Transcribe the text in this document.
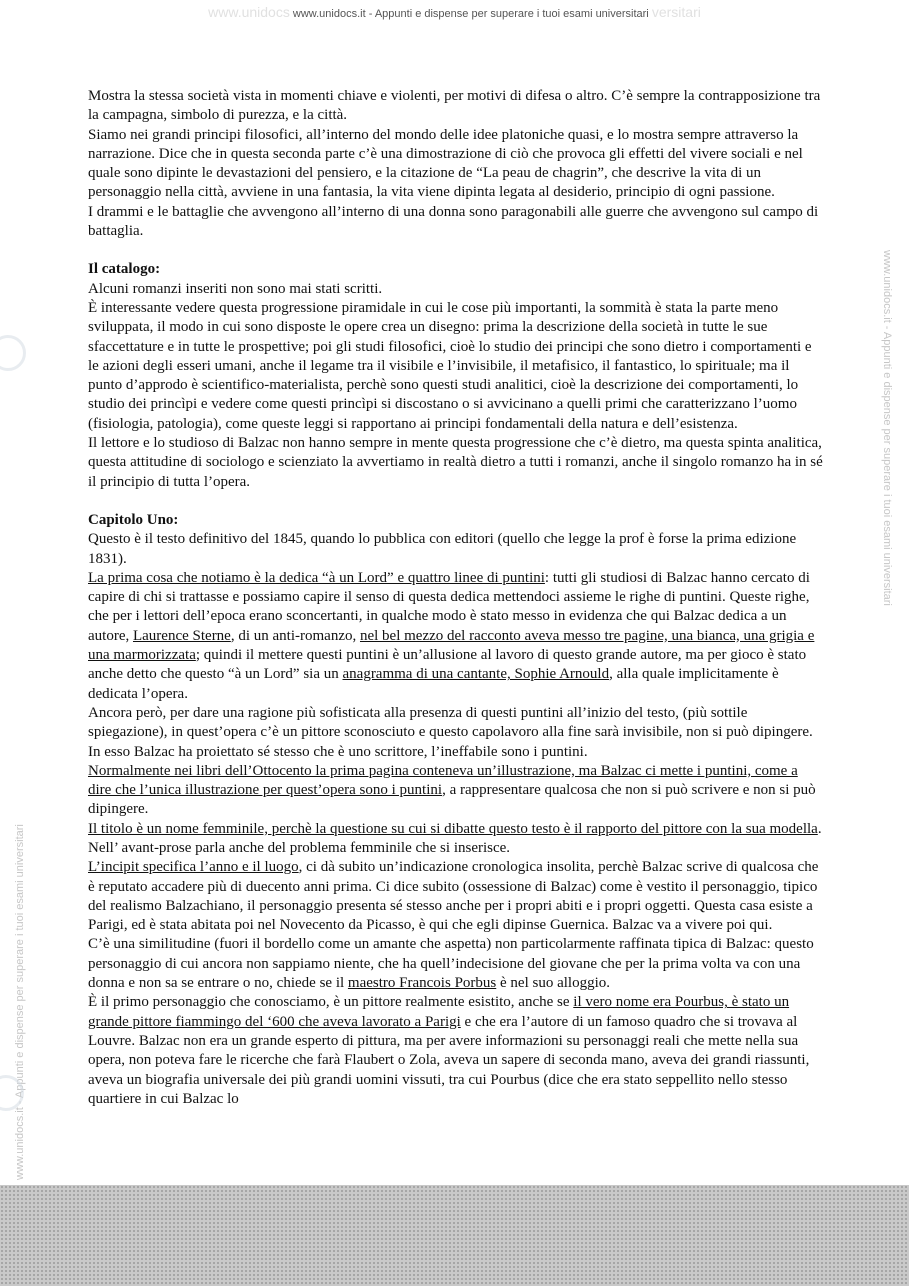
www.unidocs www.unidocs.it - Appunti e dispense per superare i tuoi esami universitari versitari
www.unidocs.it - Appunti e dispense per superare i tuoi esami universitari
www.unidocs.it - Appunti e dispense per superare i tuoi esami universitari

Mostra la stessa società vista in momenti chiave e violenti, per motivi di difesa o altro. C’è sempre la contrapposizione tra la campagna, simbolo di purezza, e la città.

Siamo nei grandi principi filosofici, all’interno del mondo delle idee platoniche quasi, e lo mostra sempre attraverso la narrazione. Dice che in questa seconda parte c’è una dimostrazione di ciò che provoca gli effetti del vivere sociali e nel quale sono dipinte le devastazioni del pensiero, e la citazione de “La peau de chagrin”, che descrive la vita di un personaggio nella città, avviene in una fantasia, la vita viene dipinta legata al desiderio, principio di ogni passione.

I drammi e le battaglie che avvengono all’interno di una donna sono paragonabili alle guerre che avvengono sul campo di battaglia.

Il catalogo:

Alcuni romanzi inseriti non sono mai stati scritti.

È interessante vedere questa progressione piramidale in cui le cose più importanti, la sommità è stata la parte meno sviluppata, il modo in cui sono disposte le opere crea un disegno: prima la descrizione della società in tutte le sue sfaccettature e in tutte le prospettive; poi gli studi filosofici, cioè lo studio dei principi che sono dietro i comportamenti e le azioni degli esseri umani, anche il legame tra il visibile e l’invisibile, il metafisico, il fantastico, lo spirituale; ma il punto d’approdo è scientifico-materialista, perchè sono questi studi analitici, cioè la descrizione dei comportamenti, lo studio dei princìpi e vedere come questi princìpi si discostano o si avvicinano a quelli primi che caratterizzano l’uomo (fisiologia, patologia), come queste leggi si rapportano ai principi fondamentali della natura e dell’esistenza.

Il lettore e lo studioso di Balzac non hanno sempre in mente questa progressione che c’è dietro, ma questa spinta analitica, questa attitudine di sociologo e scienziato la avvertiamo in realtà dietro a tutti i romanzi, anche il singolo romanzo ha in sé il principio di tutta l’opera.

Capitolo Uno:

Questo è il testo definitivo del 1845, quando lo pubblica con editori (quello che legge la prof è forse la prima edizione 1831).

La prima cosa che notiamo è la dedica “à un Lord” e quattro linee di puntini: tutti gli studiosi di Balzac hanno cercato di capire di chi si trattasse e possiamo capire il senso di questa dedica mettendoci assieme le righe di puntini. Queste righe, che per i lettori dell’epoca erano sconcertanti, in qualche modo è stato messo in evidenza che qui Balzac dedica a un autore, Laurence Sterne, di un anti-romanzo, nel bel mezzo del racconto aveva messo tre pagine, una bianca, una grigia e una marmorizzata; quindi il mettere questi puntini è un’allusione al lavoro di questo grande autore, ma per gioco è stato anche detto che questo “à un Lord” sia un anagramma di una cantante, Sophie Arnould, alla quale implicitamente è dedicata l’opera.

Ancora però, per dare una ragione più sofisticata alla presenza di questi puntini all’inizio del testo, (più sottile spiegazione), in quest’opera c’è un pittore sconosciuto e questo capolavoro alla fine sarà invisibile, non si può dipingere. In esso Balzac ha proiettato sé stesso che è uno scrittore, l’ineffabile sono i puntini.

Normalmente nei libri dell’Ottocento la prima pagina conteneva un’illustrazione, ma Balzac ci mette i puntini, come a dire che l’unica illustrazione per quest’opera sono i puntini, a rappresentare qualcosa che non si può scrivere e non si può dipingere.

Il titolo è un nome femminile, perchè la questione su cui si dibatte questo testo è il rapporto del pittore con la sua modella. Nell’ avant-prose parla anche del problema femminile che si inserisce.

L’incipit specifica l’anno e il luogo, ci dà subito un’indicazione cronologica insolita, perchè Balzac scrive di qualcosa che è reputato accadere più di duecento anni prima. Ci dice subito (ossessione di Balzac) come è vestito il personaggio, tipico del realismo Balzachiano, il personaggio presenta sé stesso anche per i propri abiti e i propri oggetti. Questa casa esiste a Parigi, ed è stata abitata poi nel Novecento da Picasso, è qui che egli dipinse Guernica. Balzac va a vivere poi qui.

C’è una similitudine (fuori il bordello come un amante che aspetta) non particolarmente raffinata tipica di Balzac: questo personaggio di cui ancora non sappiamo niente, che ha quell’indecisione del giovane che per la prima volta va con una donna e non sa se entrare o no, chiede se il maestro Francois Porbus è nel suo alloggio.

È il primo personaggio che conosciamo, è un pittore realmente esistito, anche se il vero nome era Pourbus, è stato un grande pittore fiammingo del ‘600 che aveva lavorato a Parigi e che era l’autore di un famoso quadro che si trovava al Louvre. Balzac non era un grande esperto di pittura, ma per avere informazioni su personaggi reali che mette nella sua opera, non poteva fare le ricerche che farà Flaubert o Zola, aveva un sapere di seconda mano, aveva dei grandi riassunti, aveva un biografia universale dei più grandi uomini vissuti, tra cui Pourbus (dice che era stato seppellito nello stesso quartiere in cui Balzac lo
